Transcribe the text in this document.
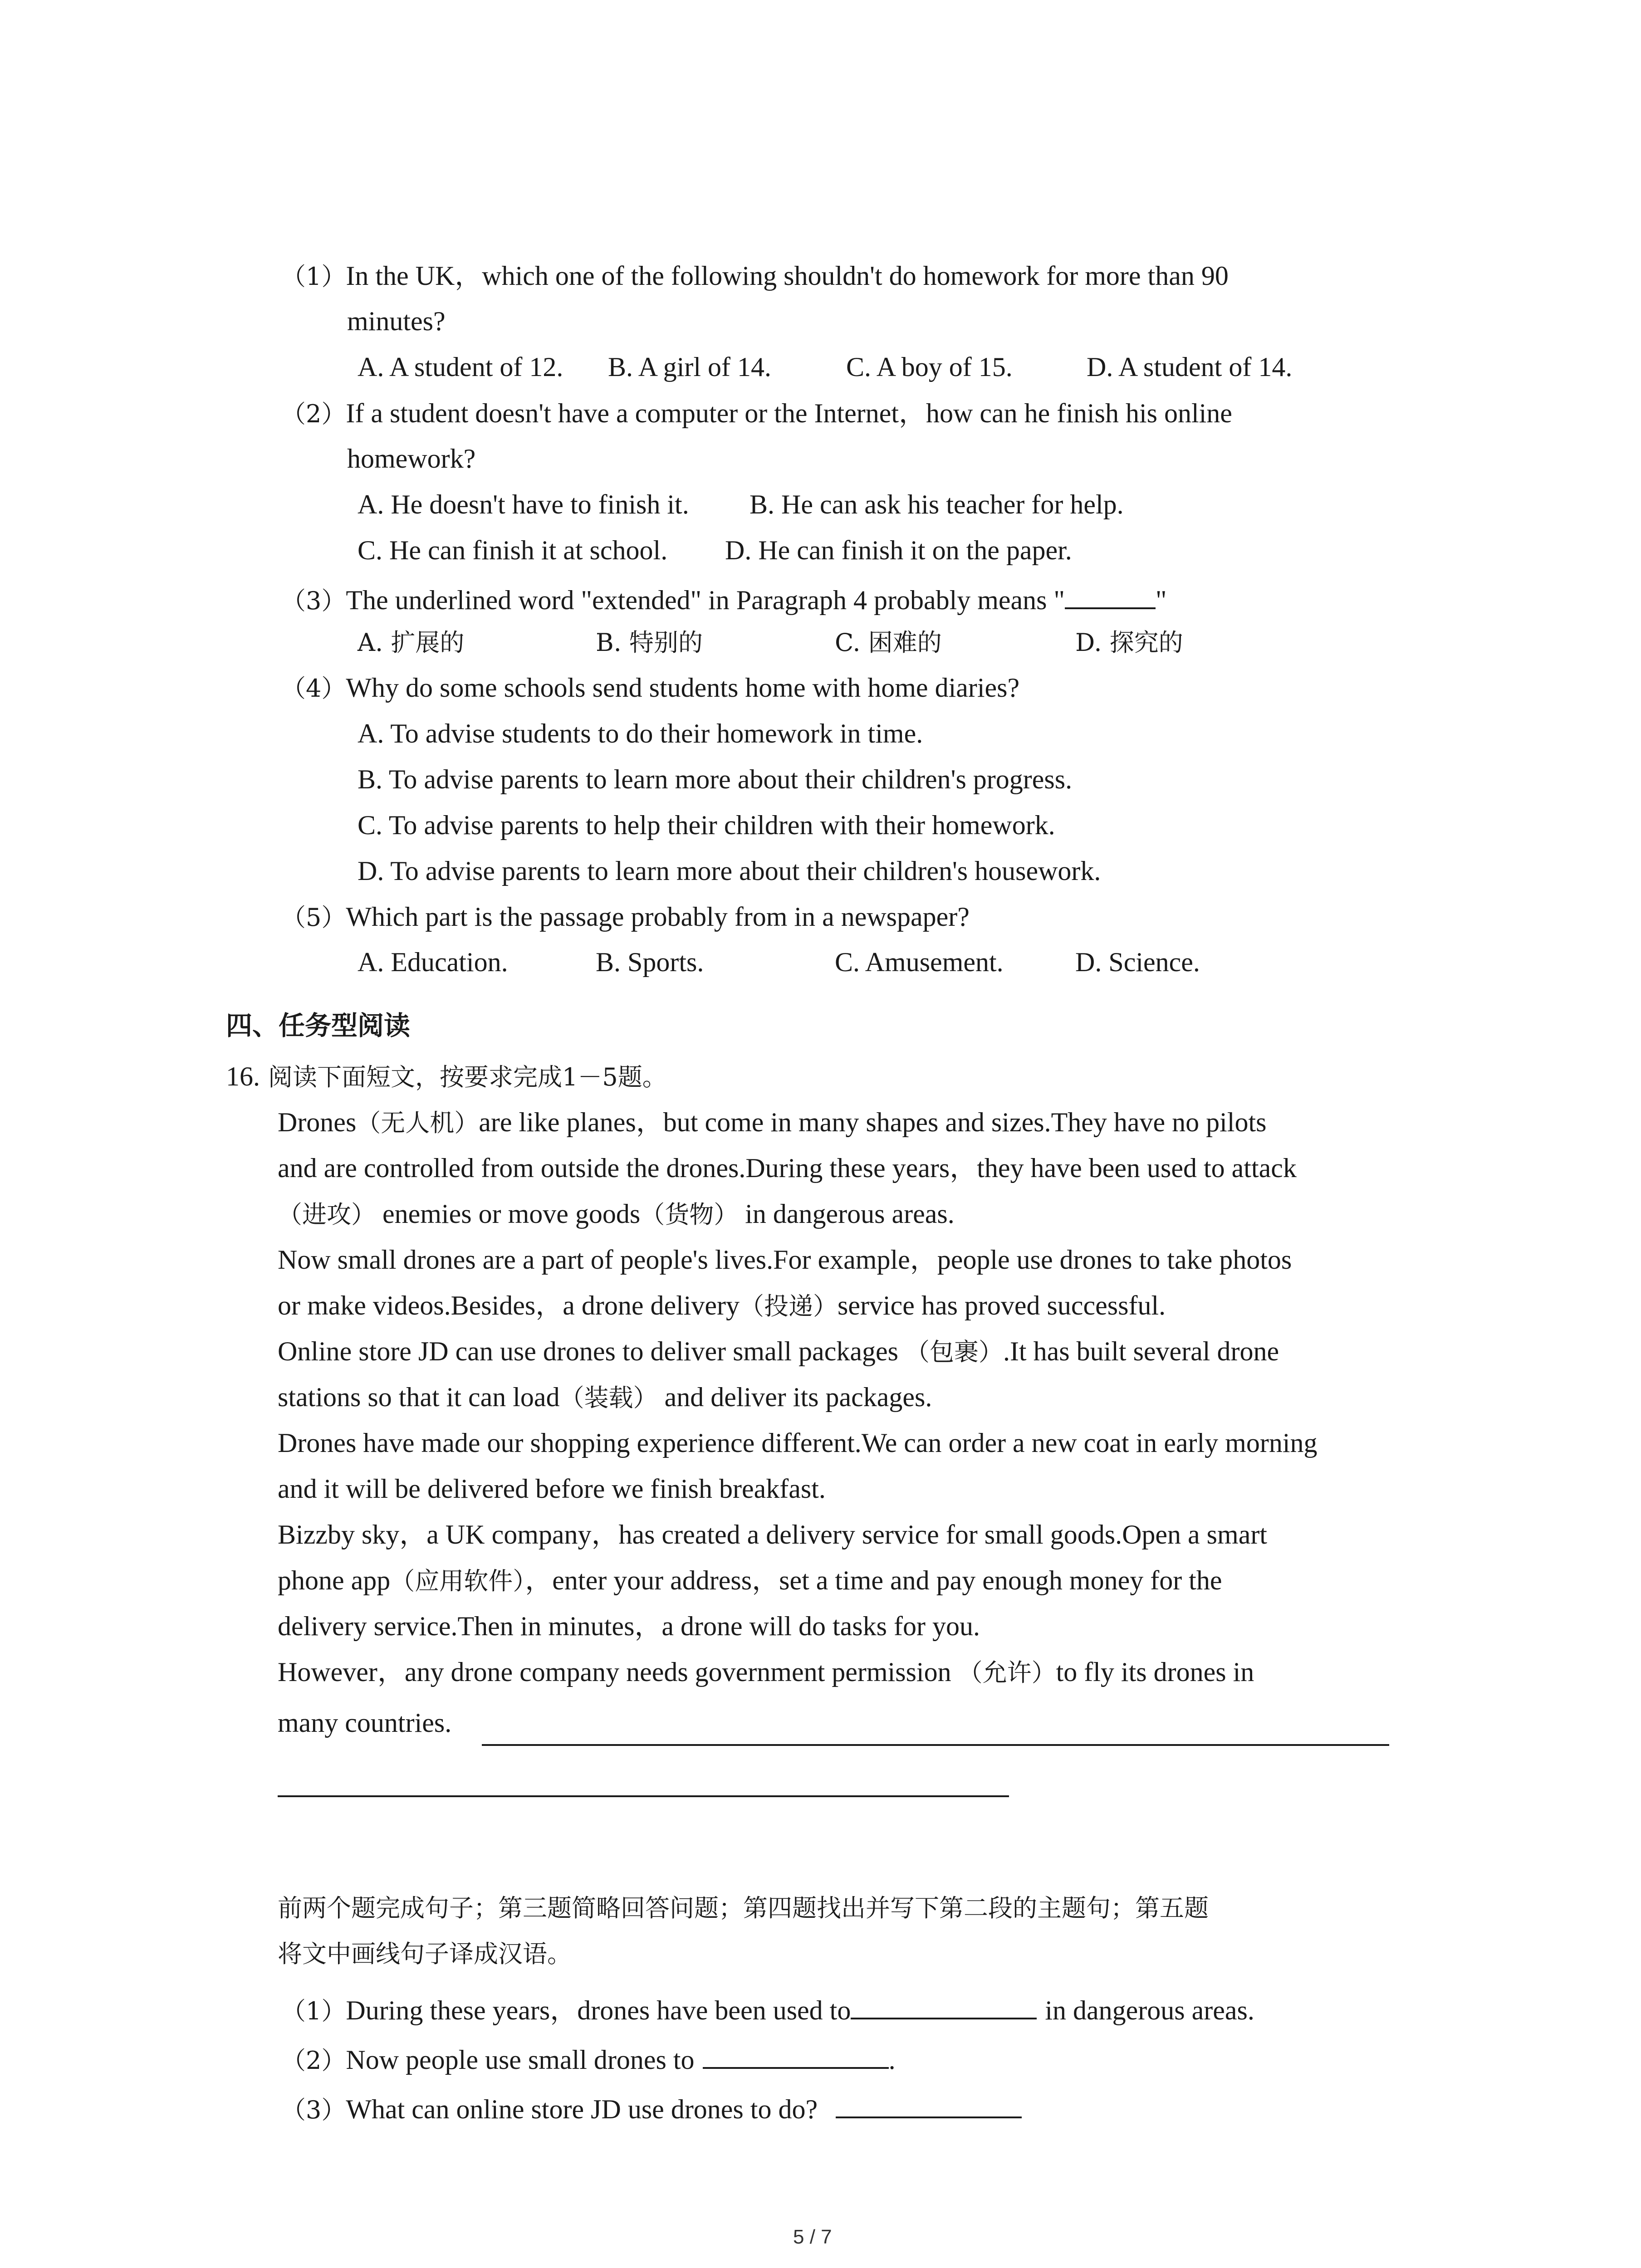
（1）In the UK，which one of the following shouldn't do homework for more than 90
minutes?
A. A student of 12. B. A girl of 14.	C. A boy of 15.	D. A student of 14.
（2）If a student doesn't have a computer or the Internet，how can he finish his online
homework?
A. He doesn't have to finish it. B. He can ask his teacher for help.
C. He can finish it at school. D. He can finish it on the paper.
（3）The underlined word "extended" in Paragraph 4 probably means "	"
A. 扩展的	B. 特别的	C. 困难的	D. 探究的
（4）Why do some schools send students home with home diaries?
A. To advise students to do their homework in time.
B. To advise parents to learn more about their children's progress.
C. To advise parents to help their children with their homework.
D. To advise parents to learn more about their children's housework.
（5）Which part is the passage probably from in a newspaper?
A. Education.	B. Sports.	C. Amusement.	D. Science.
四、任务型阅读
16. 阅读下面短文，按要求完成1－5题。
Drones（无人机）are like planes，but come in many shapes and sizes.They have no pilots
and are controlled from outside the drones.During these years，they have been used to attack
（进攻） enemies or move goods（货物） in dangerous areas.
Now small drones are a part of people's lives.For example，people use drones to take photos
or make videos.Besides，a drone delivery（投递）service has proved successful.
Online store JD can use drones to deliver small packages （包裹）.It has built several drone
stations so that it can load（装载） and deliver its packages.
Drones have made our shopping experience different.We can order a new coat in early morning
and it will be delivered before we finish breakfast.
Bizzby sky，a UK company，has created a delivery service for small goods.Open a smart
phone app（应用软件），enter your address，set a time and pay enough money for the
delivery service.Then in minutes，a drone will do tasks for you.
However，any drone company needs government permission （允许）to fly its drones in
many countries.
前两个题完成句子；第三题简略回答问题；第四题找出并写下第二段的主题句；第五题
将文中画线句子译成汉语。
（1）During these years，drones have been used to	in dangerous areas.
（2）Now people use small drones to	.
（3）What can online store JD use drones to do?
5 / 7
